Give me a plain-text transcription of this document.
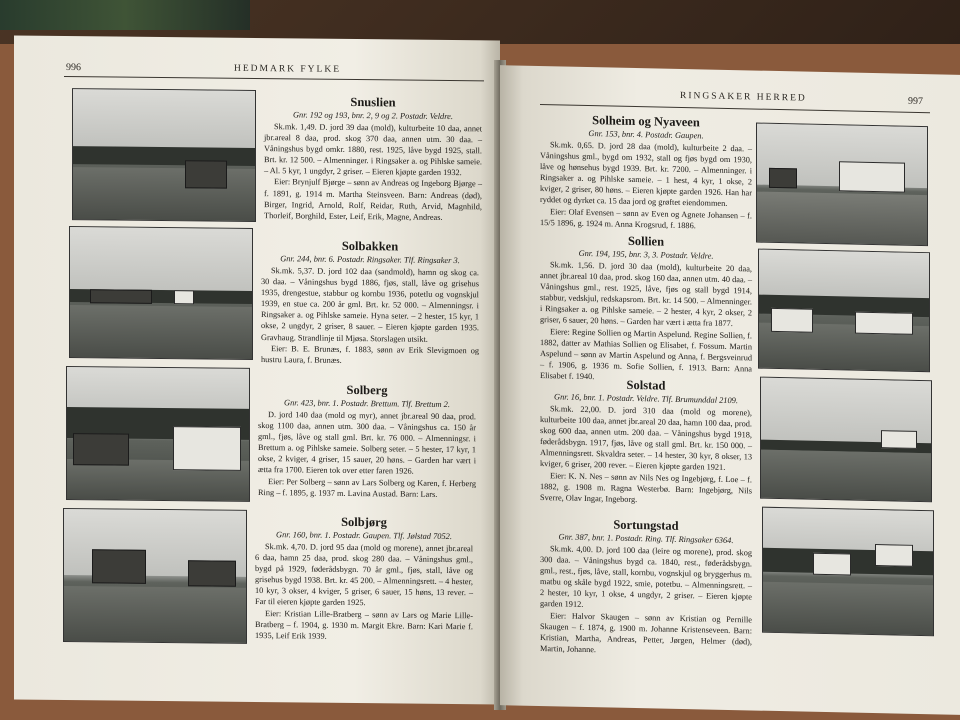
996	HEDMARK FYLKE
Snuslien
Gnr. 192 og 193, bnr. 2, 9 og 2. Postadr. Veldre.

Sk.mk. 1,49. D. jord 39 daa (mold), kulturbeite 10 daa, annet jbr.areal 8 daa, prod. skog 370 daa, annen utm. 30 daa. – Våningshus bygd omkr. 1880, rest. 1925, låve bygd 1925, stall. Brt. kr. 12 500. – Almenninger. i Ringsaker a. og Pihlske sameie. – Al. 5 kyr, 1 ungdyr, 2 griser. – Eieren kjøpte garden 1932.

Eier: Brynjulf Bjørge – sønn av Andreas og Ingeborg Bjørge – f. 1891, g. 1914 m. Martha Steinsveen. Barn: Andreas (død), Birger, Ingrid, Arnold, Rolf, Reidar, Ruth, Arvid, Magnhild, Thorleif, Borghild, Ester, Leif, Erik, Magne, Andreas.

Solbakken
Gnr. 244, bnr. 6. Postadr. Ringsaker. Tlf. Ringsaker 3.

Sk.mk. 5,37. D. jord 102 daa (sandmold), hamn og skog ca. 30 daa. – Våningshus bygd 1886, fjøs, stall, låve og grisehus 1935, drengestue, stabbur og kornbu 1936, potetlu og vognskjul 1939, en stue ca. 200 år gml. Brt. kr. 52 000. – Almenningsr. i Ringsaker a. og Pihlske sameie. Hyna seter. – 2 hester, 15 kyr, 1 okse, 2 ungdyr, 2 griser, 8 sauer. – Eieren kjøpte garden 1935. Gravhaug. Strandlinje til Mjøsa. Storslagen utsikt.

Eier: B. E. Brunæs, f. 1883, sønn av Erik Slevigmoen og hustru Laura, f. Brunæs.

Solberg
Gnr. 423, bnr. 1. Postadr. Brettum. Tlf. Brettum 2.

D. jord 140 daa (mold og myr), annet jbr.areal 90 daa, prod. skog 1100 daa, annen utm. 300 daa. – Våningshus ca. 150 år gml., fjøs, låve og stall gml. Brt. kr. 76 000. – Almenningsr. i Brettum a. og Pihlske sameie. Solberg seter. – 5 hester, 17 kyr, 1 okse, 2 kviger, 4 griser, 15 sauer, 20 høns. – Garden har vært i ætta fra 1700. Eieren tok over etter faren 1926.

Eier: Per Solberg – sønn av Lars Solberg og Karen, f. Herberg Ring – f. 1895, g. 1937 m. Lavina Austad. Barn: Lars.

Solbjørg
Gnr. 160, bnr. 1. Postadr. Gaupen. Tlf. Jølstad 7052.

Sk.mk. 4,70. D. jord 95 daa (mold og morene), annet jbr.areal 6 daa, hamn 25 daa, prod. skog 280 daa. – Våningshus gml., bygd på 1929, føderådsbygn. 70 år gml., fjøs, stall, låve og grisehus bygd 1938. Brt. kr. 45 200. – Almenningsrett. – 4 hester, 10 kyr, 3 okser, 4 kviger, 5 griser, 6 sauer, 15 høns, 13 rever. – Far til eieren kjøpte garden 1925.

Eier: Kristian Lille-Bratberg – sønn av Lars og Marie Lille-Bratberg – f. 1904, g. 1930 m. Margit Ekre. Barn: Kari Marie f. 1935, Leif Erik 1939.

RINGSAKER HERRED	997
Solheim og Nyaveen
Gnr. 153, bnr. 4. Postadr. Gaupen.

Sk.mk. 0,65. D. jord 28 daa (mold), kulturbeite 2 daa. – Våningshus gml., bygd om 1932, stall og fjøs bygd om 1930, låve og hønsehus bygd 1939. Brt. kr. 7200. – Almenninger. i Ringsaker a. og Pihlske sameie. – 1 hest, 4 kyr, 1 okse, 2 kviger, 2 griser, 80 høns. – Eieren kjøpte garden 1926. Han har ryddet og dyrket ca. 15 daa jord og grøftet eiendommen.

Eier: Olaf Evensen – sønn av Even og Agnete Johansen – f. 15/5 1896, g. 1924 m. Anna Krogsrud, f. 1886.

Sollien
Gnr. 194, 195, bnr. 3, 3. Postadr. Veldre.

Sk.mk. 1,56. D. jord 30 daa (mold), kulturbeite 20 daa, annet jbr.areal 10 daa, prod. skog 160 daa, annen utm. 40 daa. – Våningshus gml., rest. 1925, låve, fjøs og stall bygd 1914, stabbur, vedskjul, redskapsrom. Brt. kr. 14 500. – Almenninger. i Ringsaker a. og Pihlske sameie. – 2 hester, 4 kyr, 2 okser, 2 griser, 6 sauer, 20 høns. – Garden har vært i ætta fra 1877.

Eiere: Regine Sollien og Martin Aspelund. Regine Sollien, f. 1882, datter av Mathias Sollien og Elisabet, f. Fossum. Martin Aspelund – sønn av Martin Aspelund og Anna, f. Bergsveinrud – f. 1906, g. 1936 m. Sofie Sollien, f. 1913. Barn: Anna Elisabet f. 1940.

Solstad
Gnr. 16, bnr. 1. Postadr. Veldre. Tlf. Brumunddal 2109.

Sk.mk. 22,00. D. jord 310 daa (mold og morene), kulturbeite 100 daa, annet jbr.areal 20 daa, hamn 100 daa, prod. skog 600 daa, annen utm. 200 daa. – Våningshus bygd 1918, føderådsbygn. 1917, fjøs, låve og stall gml. Brt. kr. 150 000. – Almenningsrett. Skvaldra seter. – 14 hester, 30 kyr, 8 okser, 13 kviger, 6 griser, 200 rever. – Eieren kjøpte garden 1921.

Eier: K. N. Nes – sønn av Nils Nes og Ingebjørg, f. Loe – f. 1882, g. 1908 m. Ragna Westerbø. Barn: Ingebjørg, Nils Sverre, Olav Ingar, Ingeborg.

Sortungstad
Gnr. 387, bnr. 1. Postadr. Ring. Tlf. Ringsaker 6364.

Sk.mk. 4,00. D. jord 100 daa (leire og morene), prod. skog 300 daa. – Våningshus bygd ca. 1840, rest., føderådsbygn. gml., rest., fjøs, låve, stall, kornbu, vognskjul og bryggerhus m. matbu og skåle bygd 1922, smie, potetbu. – Almenningsrett. – 2 hester, 10 kyr, 1 okse, 4 ungdyr, 2 griser. – Eieren kjøpte garden 1912.

Eier: Halvor Skaugen – sønn av Kristian og Pernille Skaugen – f. 1874, g. 1900 m. Johanne Kristenseveen. Barn: Kristian, Martha, Andreas, Petter, Jørgen, Helmer (død), Martin, Johanne.
